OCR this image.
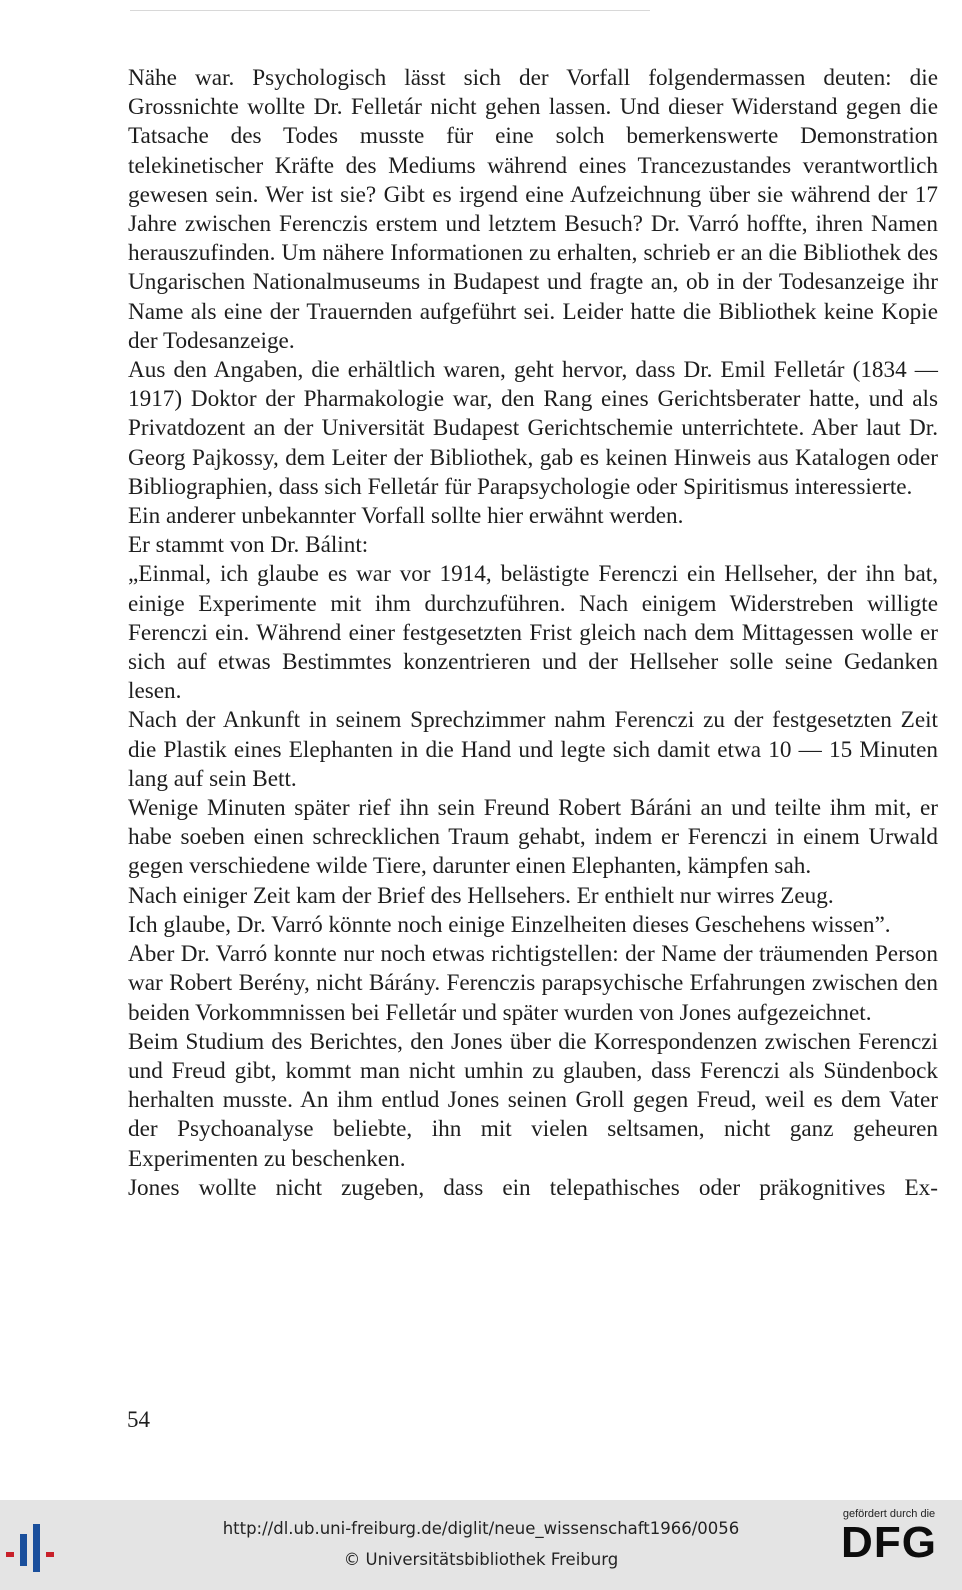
Nähe war. Psychologisch lässt sich der Vorfall folgendermassen deuten: die Grossnichte wollte Dr. Felletár nicht gehen lassen. Und dieser Widerstand gegen die Tatsache des Todes musste für eine solch bemerkenswerte Demonstration telekinetischer Kräfte des Mediums während eines Trancezustandes verantwortlich gewesen sein. Wer ist sie? Gibt es irgend eine Aufzeichnung über sie während der 17 Jahre zwischen Ferenczis erstem und letztem Besuch? Dr. Varró hoffte, ihren Namen herauszufinden. Um nähere Informationen zu erhalten, schrieb er an die Bibliothek des Ungarischen Nationalmuseums in Budapest und fragte an, ob in der Todesanzeige ihr Name als eine der Trauernden aufgeführt sei. Leider hatte die Bibliothek keine Kopie der Todesanzeige.

Aus den Angaben, die erhältlich waren, geht hervor, dass Dr. Emil Felletár (1834 — 1917) Doktor der Pharmakologie war, den Rang eines Gerichtsberater hatte, und als Privatdozent an der Universität Budapest Gerichtschemie unterrichtete. Aber laut Dr. Georg Pajkossy, dem Leiter der Bibliothek, gab es keinen Hinweis aus Katalogen oder Bibliographien, dass sich Felletár für Parapsychologie oder Spiritismus interessierte.

Ein anderer unbekannter Vorfall sollte hier erwähnt werden.

Er stammt von Dr. Bálint:

„Einmal, ich glaube es war vor 1914, belästigte Ferenczi ein Hellseher, der ihn bat, einige Experimente mit ihm durchzuführen. Nach einigem Widerstreben willigte Ferenczi ein. Während einer festgesetzten Frist gleich nach dem Mittagessen wolle er sich auf etwas Bestimmtes konzentrieren und der Hellseher solle seine Gedanken lesen.

Nach der Ankunft in seinem Sprechzimmer nahm Ferenczi zu der festgesetzten Zeit die Plastik eines Elephanten in die Hand und legte sich damit etwa 10 — 15 Minuten lang auf sein Bett.

Wenige Minuten später rief ihn sein Freund Robert Báráni an und teilte ihm mit, er habe soeben einen schrecklichen Traum gehabt, indem er Ferenczi in einem Urwald gegen verschiedene wilde Tiere, darunter einen Elephanten, kämpfen sah.

Nach einiger Zeit kam der Brief des Hellsehers. Er enthielt nur wirres Zeug.

Ich glaube, Dr. Varró könnte noch einige Einzelheiten dieses Geschehens wissen”.

Aber Dr. Varró konnte nur noch etwas richtigstellen: der Name der träumenden Person war Robert Berény, nicht Bárány. Ferenczis parapsychische Erfahrungen zwischen den beiden Vorkommnissen bei Felletár und später wurden von Jones aufgezeichnet.

Beim Studium des Berichtes, den Jones über die Korrespondenzen zwischen Ferenczi und Freud gibt, kommt man nicht umhin zu glauben, dass Ferenczi als Sündenbock herhalten musste. An ihm entlud Jones seinen Groll gegen Freud, weil es dem Vater der Psychoanalyse beliebte, ihn mit vielen seltsamen, nicht ganz geheuren Experimenten zu beschenken.

Jones wollte nicht zugeben, dass ein telepathisches oder präkognitives Ex-

54
http://dl.ub.uni-freiburg.de/diglit/neue_wissenschaft1966/0056
© Universitätsbibliothek Freiburg
gefördert durch die
DFG
